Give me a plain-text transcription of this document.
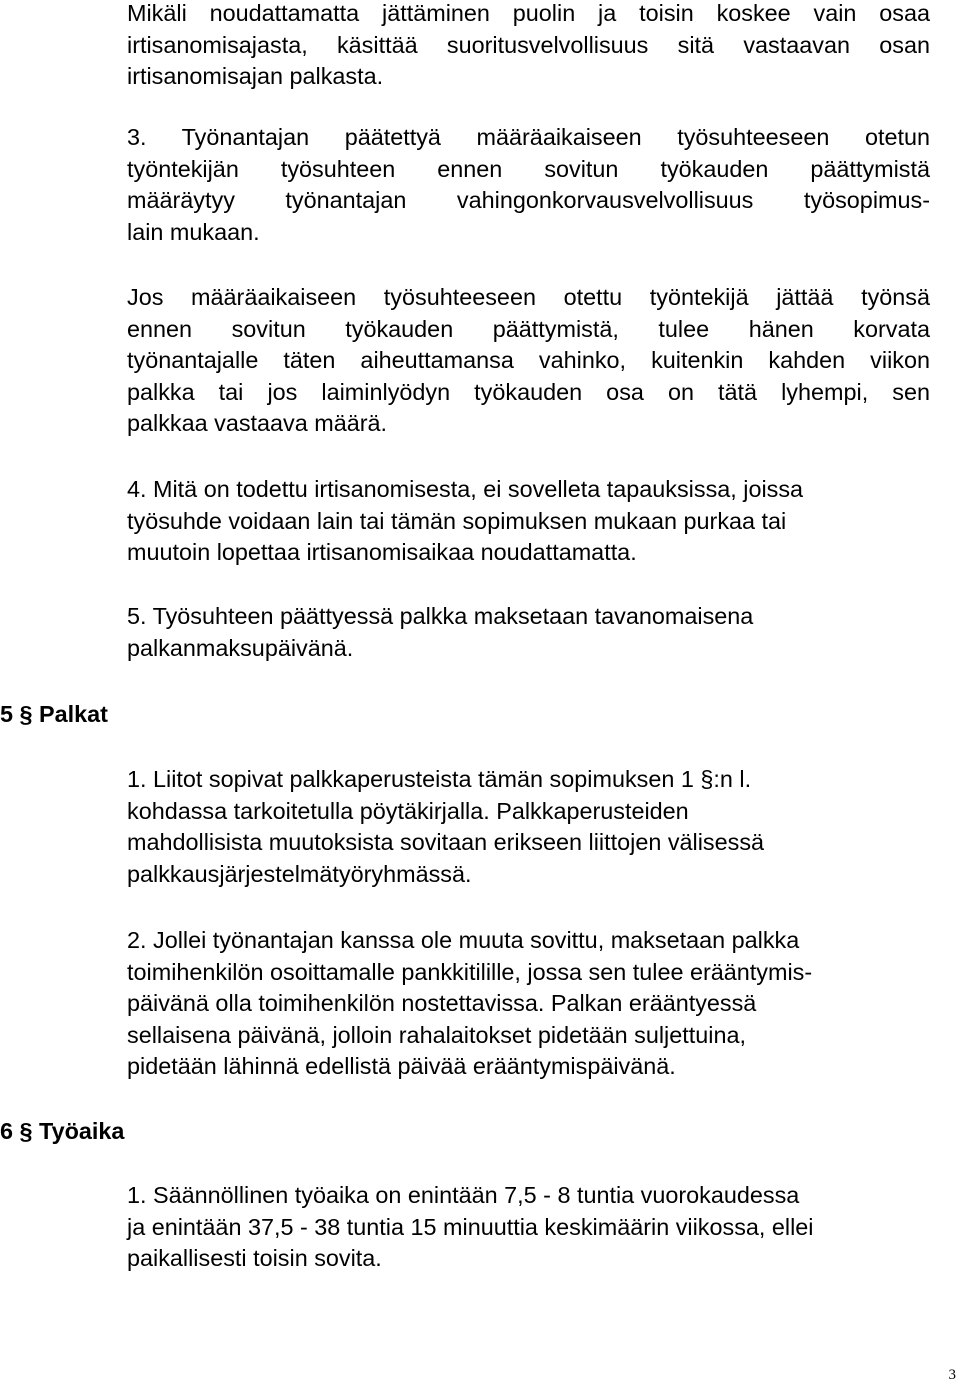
Mikäli noudattamatta jättäminen puolin ja toisin koskee vain osaa
irtisanomisajasta, käsittää suoritusvelvollisuus sitä vastaavan osan
irtisanomisajan palkasta.
3. Työnantajan päätettyä määräaikaiseen työsuhteeseen otetun
työntekijän työsuhteen ennen sovitun työkauden päättymistä
määräytyy työnantajan vahingonkorvausvelvollisuus työsopimus-
lain mukaan.
Jos määräaikaiseen työsuhteeseen otettu työntekijä jättää työnsä
ennen sovitun työkauden päättymistä, tulee hänen korvata
työnantajalle täten aiheuttamansa vahinko, kuitenkin kahden viikon
palkka tai jos laiminlyödyn työkauden osa on tätä lyhempi, sen
palkkaa vastaava määrä.
4. Mitä on todettu irtisanomisesta, ei sovelleta tapauksissa, joissa
työsuhde voidaan lain tai tämän sopimuksen mukaan purkaa tai
muutoin lopettaa irtisanomisaikaa noudattamatta.
5. Työsuhteen päättyessä palkka maksetaan tavanomaisena
palkanmaksupäivänä.
5 § Palkat
1. Liitot sopivat palkkaperusteista tämän sopimuksen 1 §:n l.
kohdassa tarkoitetulla pöytäkirjalla. Palkkaperusteiden
mahdollisista muutoksista sovitaan erikseen liittojen välisessä
palkkausjärjestelmätyöryhmässä.
2. Jollei työnantajan kanssa ole muuta sovittu, maksetaan palkka
toimihenkilön osoittamalle pankkitilille, jossa sen tulee erääntymis-
päivänä olla toimihenkilön nostettavissa. Palkan erääntyessä
sellaisena päivänä, jolloin rahalaitokset pidetään suljettuina,
pidetään lähinnä edellistä päivää erääntymispäivänä.
6 § Työaika
1. Säännöllinen työaika on enintään 7,5 - 8 tuntia vuorokaudessa
ja enintään 37,5 - 38 tuntia 15 minuuttia keskimäärin viikossa, ellei
paikallisesti toisin sovita.
3
